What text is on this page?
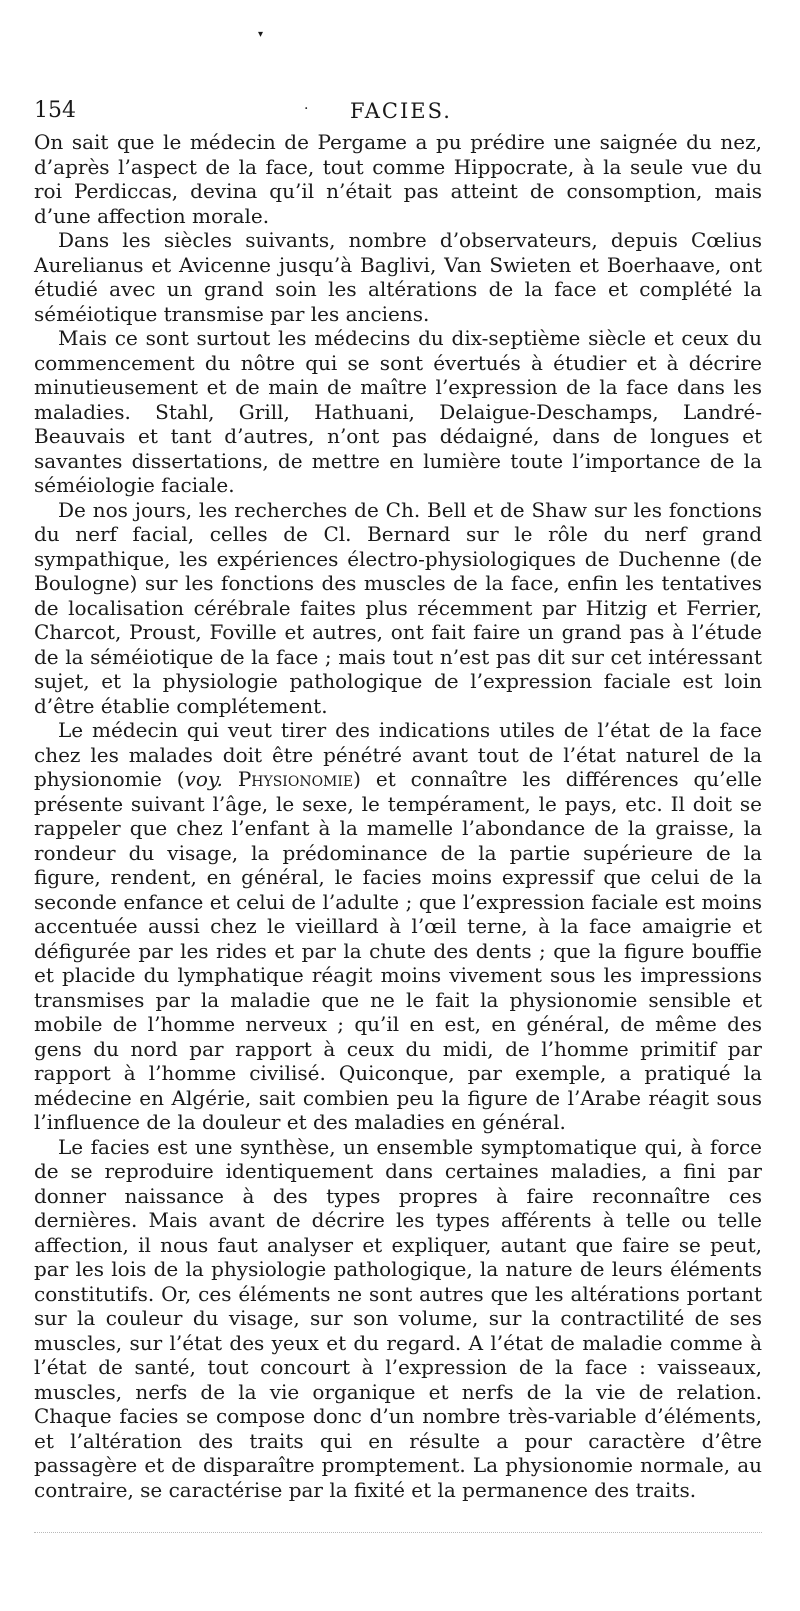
▾
154	· FACIES.

On sait que le médecin de Pergame a pu prédire une saignée du nez, d’après l’aspect de la face, tout comme Hippocrate, à la seule vue du roi Perdiccas, devina qu’il n’était pas atteint de consomption, mais d’une affection morale.

Dans les siècles suivants, nombre d’observateurs, depuis Cœlius Aurelianus et Avicenne jusqu’à Baglivi, Van Swieten et Boerhaave, ont étudié avec un grand soin les altérations de la face et complété la séméiotique transmise par les anciens.

Mais ce sont surtout les médecins du dix-septième siècle et ceux du commencement du nôtre qui se sont évertués à étudier et à décrire minutieusement et de main de maître l’expression de la face dans les maladies. Stahl, Grill, Hathuani, Delaigue-Deschamps, Landré-Beauvais et tant d’autres, n’ont pas dédaigné, dans de longues et savantes dissertations, de mettre en lumière toute l’importance de la séméiologie faciale.

De nos jours, les recherches de Ch. Bell et de Shaw sur les fonctions du nerf facial, celles de Cl. Bernard sur le rôle du nerf grand sympathique, les expériences électro-physiologiques de Duchenne (de Boulogne) sur les fonctions des muscles de la face, enfin les tentatives de localisation cérébrale faites plus récemment par Hitzig et Ferrier, Charcot, Proust, Foville et autres, ont fait faire un grand pas à l’étude de la séméiotique de la face ; mais tout n’est pas dit sur cet intéressant sujet, et la physiologie pathologique de l’expression faciale est loin d’être établie complétement.

Le médecin qui veut tirer des indications utiles de l’état de la face chez les malades doit être pénétré avant tout de l’état naturel de la physionomie (voy. Physionomie) et connaître les différences qu’elle présente suivant l’âge, le sexe, le tempérament, le pays, etc. Il doit se rappeler que chez l’enfant à la mamelle l’abondance de la graisse, la rondeur du visage, la prédominance de la partie supérieure de la figure, rendent, en général, le facies moins expressif que celui de la seconde enfance et celui de l’adulte ; que l’expression faciale est moins accentuée aussi chez le vieillard à l’œil terne, à la face amaigrie et défigurée par les rides et par la chute des dents ; que la figure bouffie et placide du lymphatique réagit moins vivement sous les impressions transmises par la maladie que ne le fait la physionomie sensible et mobile de l’homme nerveux ; qu’il en est, en général, de même des gens du nord par rapport à ceux du midi, de l’homme primitif par rapport à l’homme civilisé. Quiconque, par exemple, a pratiqué la médecine en Algérie, sait combien peu la figure de l’Arabe réagit sous l’influence de la douleur et des maladies en général.

Le facies est une synthèse, un ensemble symptomatique qui, à force de se reproduire identiquement dans certaines maladies, a fini par donner naissance à des types propres à faire reconnaître ces dernières. Mais avant de décrire les types afférents à telle ou telle affection, il nous faut analyser et expliquer, autant que faire se peut, par les lois de la physiologie pathologique, la nature de leurs éléments constitutifs. Or, ces éléments ne sont autres que les altérations portant sur la couleur du visage, sur son volume, sur la contractilité de ses muscles, sur l’état des yeux et du regard. A l’état de maladie comme à l’état de santé, tout concourt à l’expression de la face : vaisseaux, muscles, nerfs de la vie organique et nerfs de la vie de relation. Chaque facies se compose donc d’un nombre très-variable d’éléments, et l’altération des traits qui en résulte a pour caractère d’être passagère et de disparaître promptement. La physionomie normale, au contraire, se caractérise par la fixité et la permanence des traits.
